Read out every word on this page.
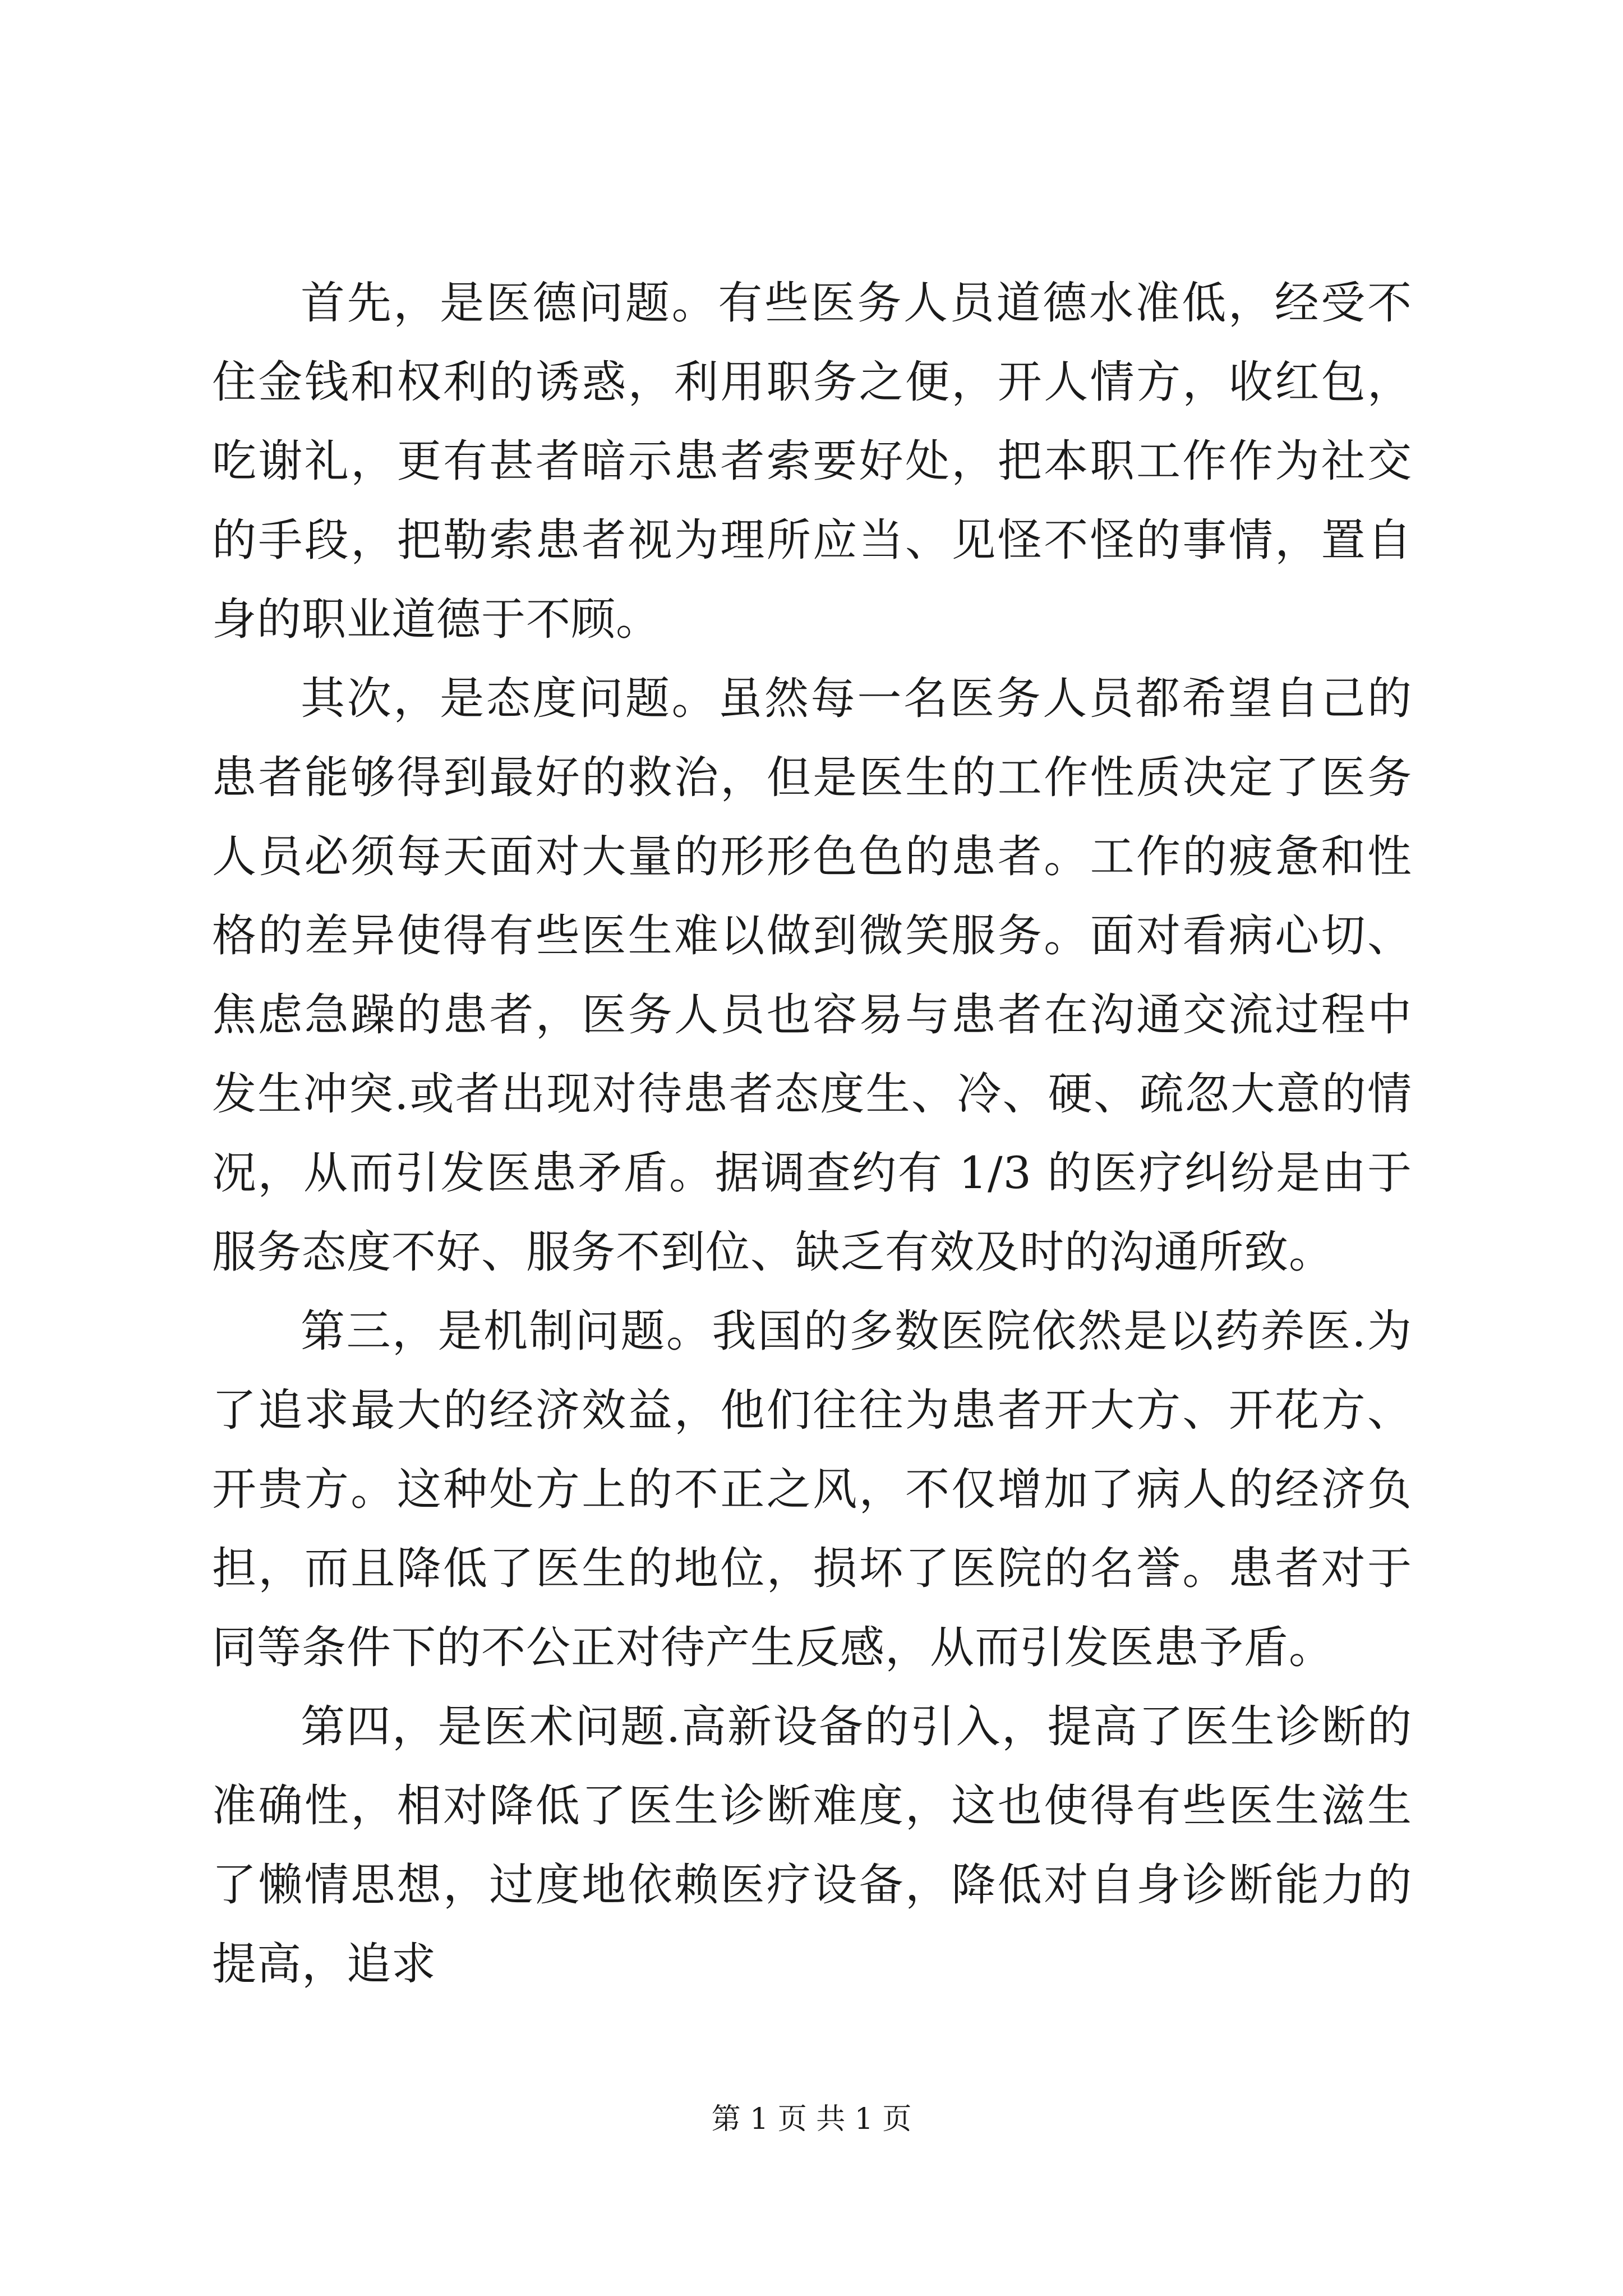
首先，是医德问题。有些医务人员道德水准低，经受不住金钱和权利的诱惑，利用职务之便，开人情方，收红包，吃谢礼，更有甚者暗示患者索要好处，把本职工作作为社交的手段，把勒索患者视为理所应当、见怪不怪的事情，置自身的职业道德于不顾。

其次，是态度问题。虽然每一名医务人员都希望自己的患者能够得到最好的救治，但是医生的工作性质决定了医务人员必须每天面对大量的形形色色的患者。工作的疲惫和性格的差异使得有些医生难以做到微笑服务。面对看病心切、焦虑急躁的患者，医务人员也容易与患者在沟通交流过程中发生冲突.或者出现对待患者态度生、冷、硬、疏忽大意的情况，从而引发医患矛盾。据调查约有 1/3 的医疗纠纷是由于服务态度不好、服务不到位、缺乏有效及时的沟通所致。

第三，是机制问题。我国的多数医院依然是以药养医.为了追求最大的经济效益，他们往往为患者开大方、开花方、开贵方。这种处方上的不正之风，不仅增加了病人的经济负担，而且降低了医生的地位，损坏了医院的名誉。患者对于同等条件下的不公正对待产生反感，从而引发医患予盾。

第四，是医术问题.高新设备的引入，提高了医生诊断的准确性，相对降低了医生诊断难度，这也使得有些医生滋生了懒情思想，过度地依赖医疗设备，降低对自身诊断能力的提高，追求

第 1 页 共 1 页
